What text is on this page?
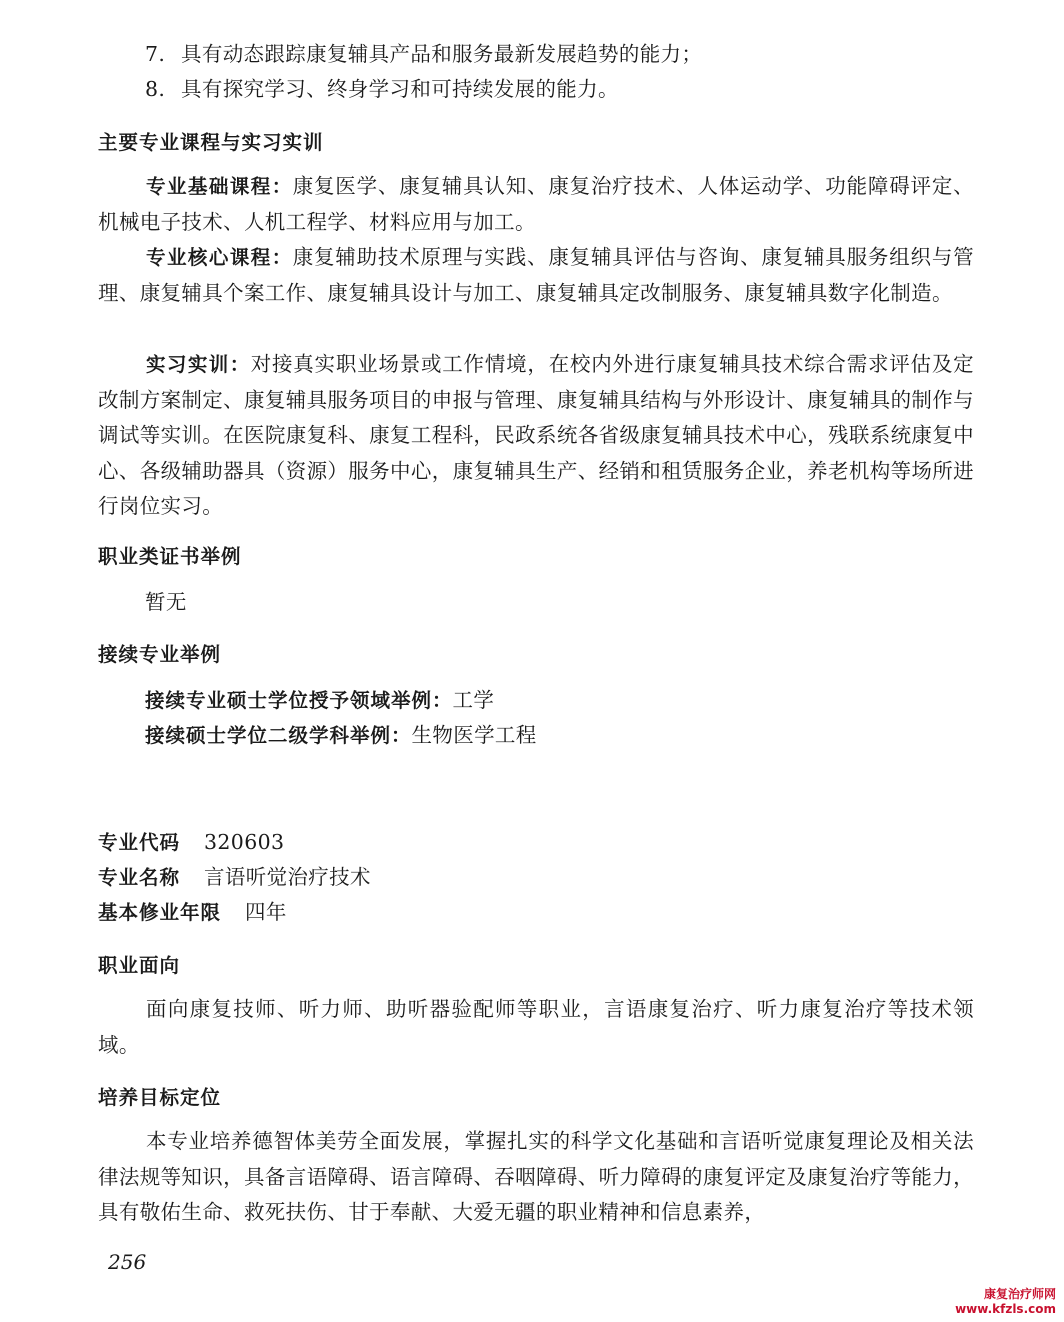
7. 具有动态跟踪康复辅具产品和服务最新发展趋势的能力；
8. 具有探究学习、终身学习和可持续发展的能力。
主要专业课程与实习实训
专业基础课程：康复医学、康复辅具认知、康复治疗技术、人体运动学、功能障碍评定、机械电子技术、人机工程学、材料应用与加工。
专业核心课程：康复辅助技术原理与实践、康复辅具评估与咨询、康复辅具服务组织与管理、康复辅具个案工作、康复辅具设计与加工、康复辅具定改制服务、康复辅具数字化制造。
实习实训：对接真实职业场景或工作情境，在校内外进行康复辅具技术综合需求评估及定改制方案制定、康复辅具服务项目的申报与管理、康复辅具结构与外形设计、康复辅具的制作与调试等实训。在医院康复科、康复工程科，民政系统各省级康复辅具技术中心，残联系统康复中心、各级辅助器具（资源）服务中心，康复辅具生产、经销和租赁服务企业，养老机构等场所进行岗位实习。
职业类证书举例
暂无
接续专业举例
接续专业硕士学位授予领域举例：工学
接续硕士学位二级学科举例：生物医学工程
专业代码 320603
专业名称 言语听觉治疗技术
基本修业年限 四年
职业面向
面向康复技师、听力师、助听器验配师等职业，言语康复治疗、听力康复治疗等技术领域。
培养目标定位
本专业培养德智体美劳全面发展，掌握扎实的科学文化基础和言语听觉康复理论及相关法律法规等知识，具备言语障碍、语言障碍、吞咽障碍、听力障碍的康复评定及康复治疗等能力，具有敬佑生命、救死扶伤、甘于奉献、大爱无疆的职业精神和信息素养，
256
康复治疗师网
www.kfzls.com
